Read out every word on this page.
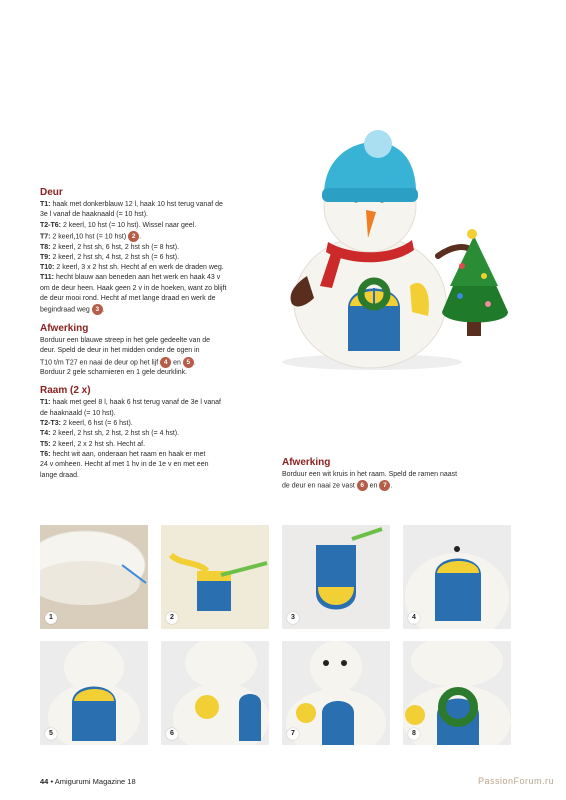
Deur
T1: haak met donkerblauw 12 l, haak 10 hst terug vanaf de
3e l vanaf de haaknaald (= 10 hst).
T2-T6: 2 keerl, 10 hst (= 10 hst). Wissel naar geel.
T7: 2 keerl,10 hst (= 10 hst) 2 .
T8: 2 keerl, 2 hst sh, 6 hst, 2 hst sh (= 8 hst).
T9: 2 keerl, 2 hst sh, 4 hst, 2 hst sh (= 6 hst).
T10: 2 keerl, 3 x 2 hst sh. Hecht af en werk de draden weg.
T11: hecht blauw aan beneden aan het werk en haak 43 v
om de deur heen. Haak geen 2 v in de hoeken, want zo blijft
de deur mooi rond. Hecht af met lange draad en werk de
begindraad weg 3 .
Afwerking
Borduur een blauwe streep in het gele gedeelte van de
deur. Speld de deur in het midden onder de ogen in
T10 t/m T27 en naai de deur op het lijf 4 en 5 .
Borduur 2 gele scharnieren en 1 gele deurklink.
Raam (2 x)
T1: haak met geel 8 l, haak 6 hst terug vanaf de 3e l vanaf
de haaknaald (= 10 hst).
T2-T3: 2 keerl, 6 hst (= 6 hst).
T4: 2 keerl, 2 hst sh, 2 hst, 2 hst sh (= 4 hst).
T5: 2 keerl, 2 x 2 hst sh. Hecht af.
T6: hecht wit aan, onderaan het raam en haak er met
24 v omheen. Hecht af met 1 hv in de 1e v en met een
lange draad.
Afwerking
Borduur een wit kruis in het raam. Speld de ramen naast
de deur en naai ze vast 6 en 7 .
1	2	3	4
5	6	7	8
44 • Amigurumi Magazine 18	PassionForum.ru
